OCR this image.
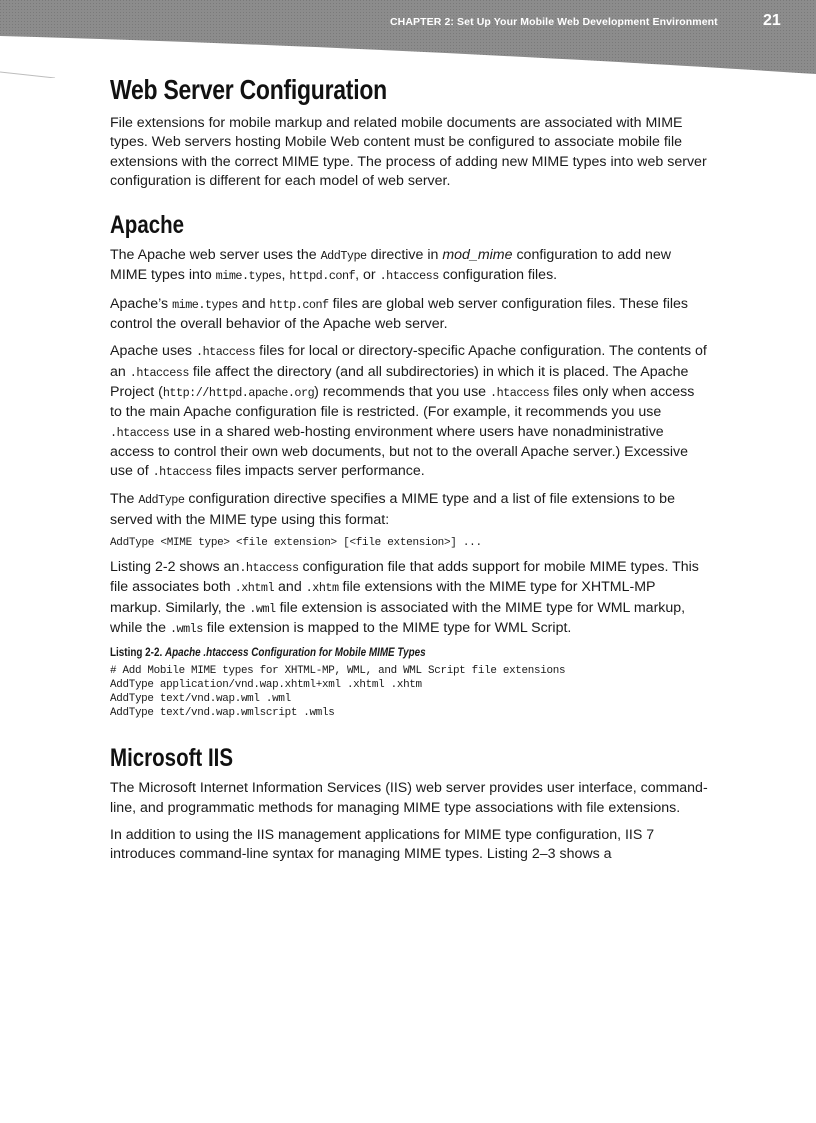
CHAPTER 2: Set Up Your Mobile Web Development Environment	21
Web Server Configuration

File extensions for mobile markup and related mobile documents are associated with MIME types. Web servers hosting Mobile Web content must be configured to associate mobile file extensions with the correct MIME type. The process of adding new MIME types into web server configuration is different for each model of web server.

Apache

The Apache web server uses the AddType directive in mod_mime configuration to add new MIME types into mime.types, httpd.conf, or .htaccess configuration files.

Apache’s mime.types and http.conf files are global web server configuration files. These files control the overall behavior of the Apache web server.

Apache uses .htaccess files for local or directory-specific Apache configuration. The contents of an .htaccess file affect the directory (and all subdirectories) in which it is placed. The Apache Project (http://httpd.apache.org) recommends that you use .htaccess files only when access to the main Apache configuration file is restricted. (For example, it recommends you use .htaccess use in a shared web-hosting environment where users have nonadministrative access to control their own web documents, but not to the overall Apache server.) Excessive use of .htaccess files impacts server performance.

The AddType configuration directive specifies a MIME type and a list of file extensions to be served with the MIME type using this format:

AddType <MIME type> <file extension> [<file extension>] ...

Listing 2-2 shows an.htaccess configuration file that adds support for mobile MIME types. This file associates both .xhtml and .xhtm file extensions with the MIME type for XHTML-MP markup. Similarly, the .wml file extension is associated with the MIME type for WML markup, while the .wmls file extension is mapped to the MIME type for WML Script.

Listing 2-2. Apache .htaccess Configuration for Mobile MIME Types
# Add Mobile MIME types for XHTML-MP, WML, and WML Script file extensions
AddType application/vnd.wap.xhtml+xml .xhtml .xhtm
AddType text/vnd.wap.wml .wml
AddType text/vnd.wap.wmlscript .wmls
Microsoft IIS

The Microsoft Internet Information Services (IIS) web server provides user interface, command-line, and programmatic methods for managing MIME type associations with file extensions.

In addition to using the IIS management applications for MIME type configuration, IIS 7 introduces command-line syntax for managing MIME types. Listing 2–3 shows a
